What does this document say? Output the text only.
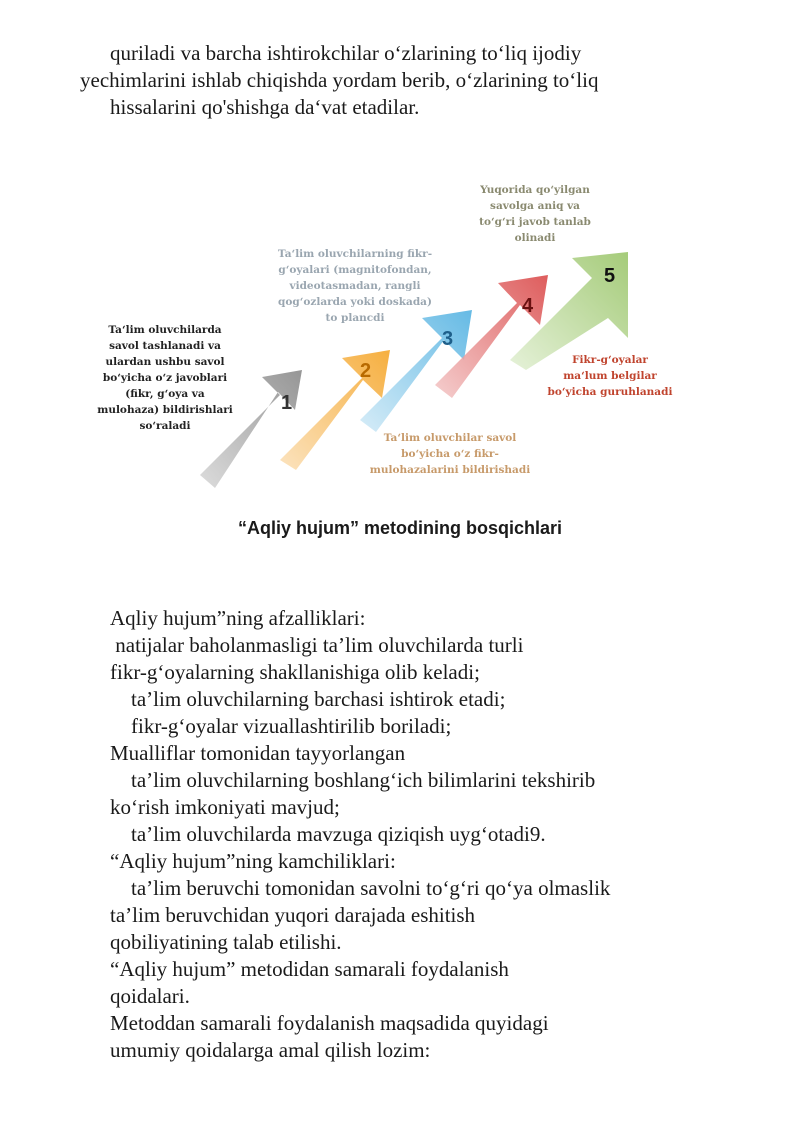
quriladi va barcha ishtirokchilar o‘zlarining to‘liq ijodiy
yechimlarini ishlab chiqishda yordam berib, o‘zlarining to‘liq
hissalarini qo'shishga da‘vat etadilar.
1
2
3
4
5
Ta‘lim oluvchilarda
savol tashlanadi va
ulardan ushbu savol
bo‘yicha o‘z javoblari
(fikr, g‘oya va
mulohaza) bildirishlari
so‘raladi
Ta‘lim oluvchilar savol
bo‘yicha o‘z fikr-
mulohazalarini bildirishadi
Ta‘lim oluvchilarning fikr-
g‘oyalari (magnitofondan,
videotasmadan, rangli
qog‘ozlarda yoki doskada)
to plancdi
Fikr-g‘oyalar
ma‘lum belgilar
bo‘yicha guruhlanadi
Yuqorida qo‘yilgan
savolga aniq va
to‘g‘ri javob tanlab
olinadi
“Aqliy hujum” metodining bosqichlari
Aqliy hujum”ning afzalliklari:
natijalar baholanmasligi ta’lim oluvchilarda turli
fikr-g‘oyalarning shakllanishiga olib keladi;
ta’lim oluvchilarning barchasi ishtirok etadi;
fikr-g‘oyalar vizuallashtirilib boriladi;
Mualliflar tomonidan tayyorlangan
ta’lim oluvchilarning boshlang‘ich bilimlarini tekshirib
ko‘rish imkoniyati mavjud;
ta’lim oluvchilarda mavzuga qiziqish uyg‘otadi9.
“Aqliy hujum”ning kamchiliklari:
ta’lim beruvchi tomonidan savolni to‘g‘ri qo‘ya olmaslik
ta’lim beruvchidan yuqori darajada eshitish
qobiliyatining talab etilishi.
“Aqliy hujum” metodidan samarali foydalanish
qoidalari.
Metoddan samarali foydalanish maqsadida quyidagi
umumiy qoidalarga amal qilish lozim:
